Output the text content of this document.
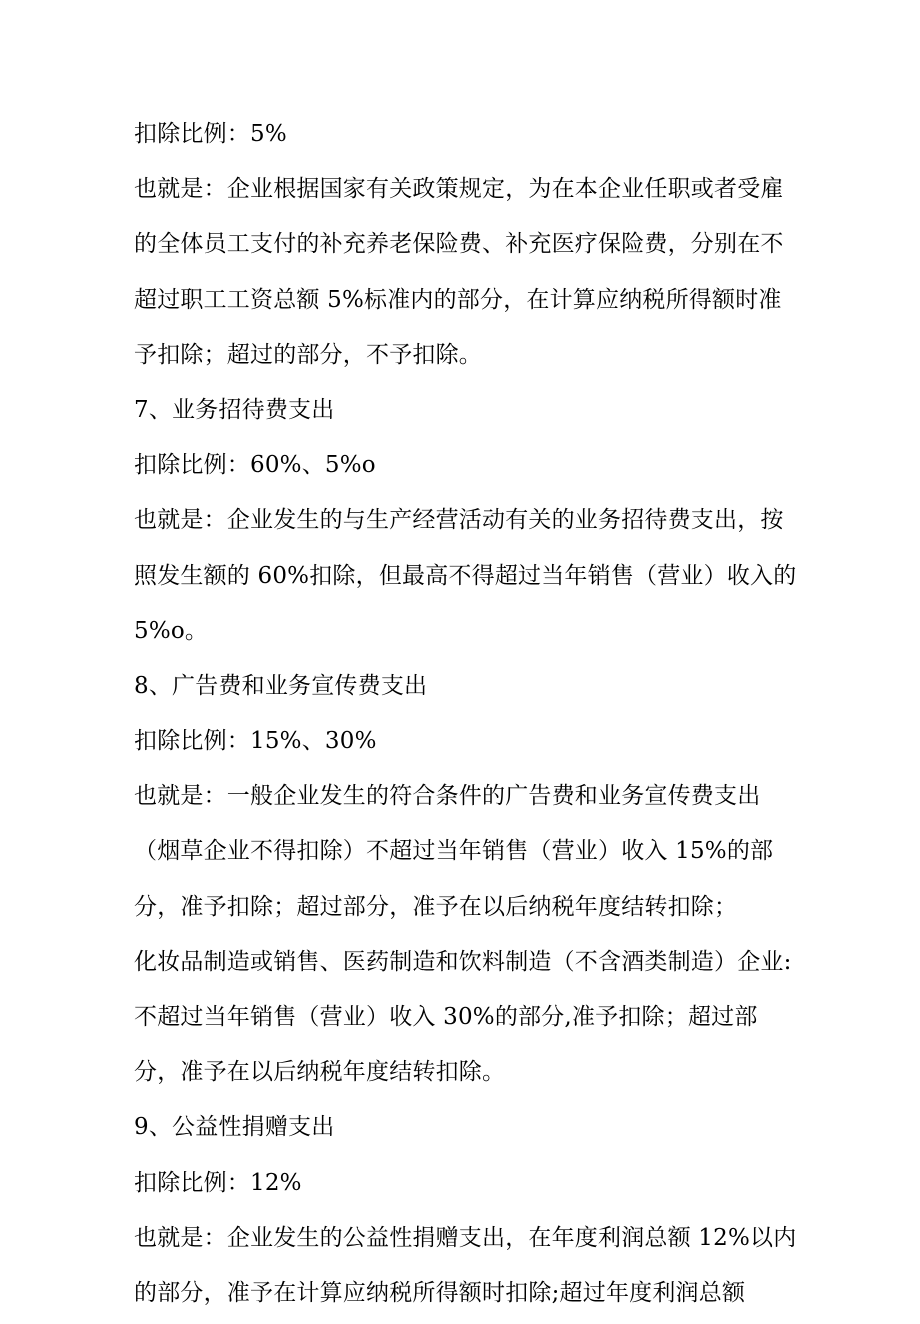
扣除比例：5%
也就是：企业根据国家有关政策规定，为在本企业任职或者受雇
的全体员工支付的补充养老保险费、补充医疗保险费，分别在不
超过职工工资总额 5%标准内的部分，在计算应纳税所得额时准
予扣除；超过的部分，不予扣除。
7、业务招待费支出
扣除比例：60%、5%o
也就是：企业发生的与生产经营活动有关的业务招待费支出，按
照发生额的 60%扣除，但最高不得超过当年销售（营业）收入的
5%o。
8、广告费和业务宣传费支出
扣除比例：15%、30%
也就是：一般企业发生的符合条件的广告费和业务宣传费支出
（烟草企业不得扣除）不超过当年销售（营业）收入 15%的部
分，准予扣除；超过部分，准予在以后纳税年度结转扣除；
化妆品制造或销售、医药制造和饮料制造（不含酒类制造）企业:
不超过当年销售（营业）收入 30%的部分,准予扣除；超过部
分，准予在以后纳税年度结转扣除。
9、公益性捐赠支出
扣除比例：12%
也就是：企业发生的公益性捐赠支出，在年度利润总额 12%以内
的部分，准予在计算应纳税所得额时扣除;超过年度利润总额
